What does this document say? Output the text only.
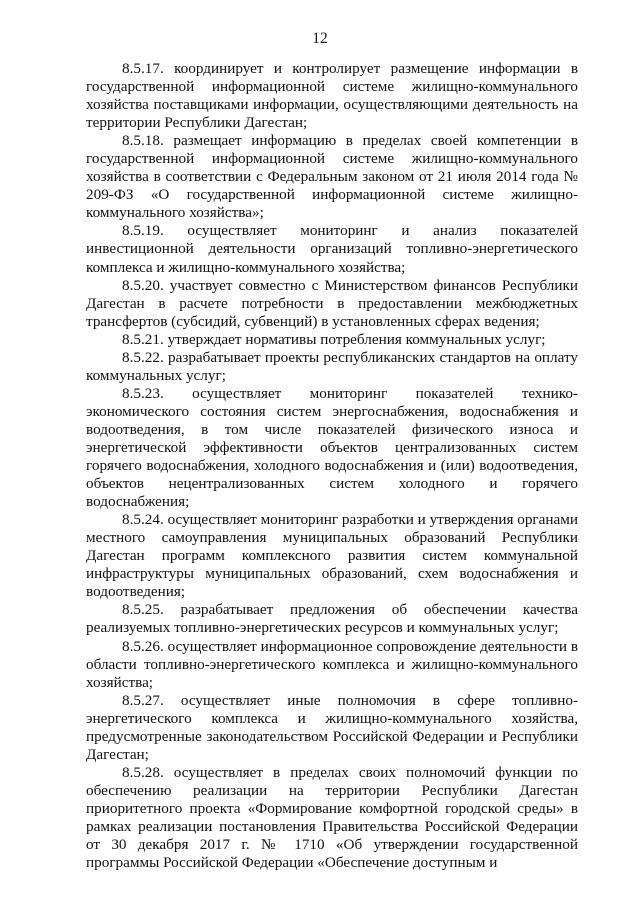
12

8.5.17. координирует и контролирует размещение информации в государственной информационной системе жилищно-коммунального хозяйства поставщиками информации, осуществляющими деятельность на территории Республики Дагестан;

8.5.18. размещает информацию в пределах своей компетенции в государственной информационной системе жилищно-коммунального хозяйства в соответствии с Федеральным законом от 21 июля 2014 года № 209-ФЗ «О государственной информационной системе жилищно-коммунального хозяйства»;

8.5.19. осуществляет мониторинг и анализ показателей инвестиционной деятельности организаций топливно-энергетического комплекса и жилищно-коммунального хозяйства;

8.5.20. участвует совместно с Министерством финансов Республики Дагестан в расчете потребности в предоставлении межбюджетных трансфертов (субсидий, субвенций) в установленных сферах ведения;

8.5.21. утверждает нормативы потребления коммунальных услуг;

8.5.22. разрабатывает проекты республиканских стандартов на оплату коммунальных услуг;

8.5.23. осуществляет мониторинг показателей технико-экономического состояния систем энергоснабжения, водоснабжения и водоотведения, в том числе показателей физического износа и энергетической эффективности объектов централизованных систем горячего водоснабжения, холодного водоснабжения и (или) водоотведения, объектов нецентрализованных систем холодного и горячего водоснабжения;

8.5.24. осуществляет мониторинг разработки и утверждения органами местного самоуправления муниципальных образований Республики Дагестан программ комплексного развития систем коммунальной инфраструктуры муниципальных образований, схем водоснабжения и водоотведения;

8.5.25. разрабатывает предложения об обеспечении качества реализуемых топливно-энергетических ресурсов и коммунальных услуг;

8.5.26. осуществляет информационное сопровождение деятельности в области топливно-энергетического комплекса и жилищно-коммунального хозяйства;

8.5.27. осуществляет иные полномочия в сфере топливно-энергетического комплекса и жилищно-коммунального хозяйства, предусмотренные законодательством Российской Федерации и Республики Дагестан;

8.5.28. осуществляет в пределах своих полномочий функции по обеспечению реализации на территории Республики Дагестан приоритетного проекта «Формирование комфортной городской среды» в рамках реализации постановления Правительства Российской Федерации от 30 декабря 2017 г. № 1710 «Об утверждении государственной программы Российской Федерации «Обеспечение доступным и
